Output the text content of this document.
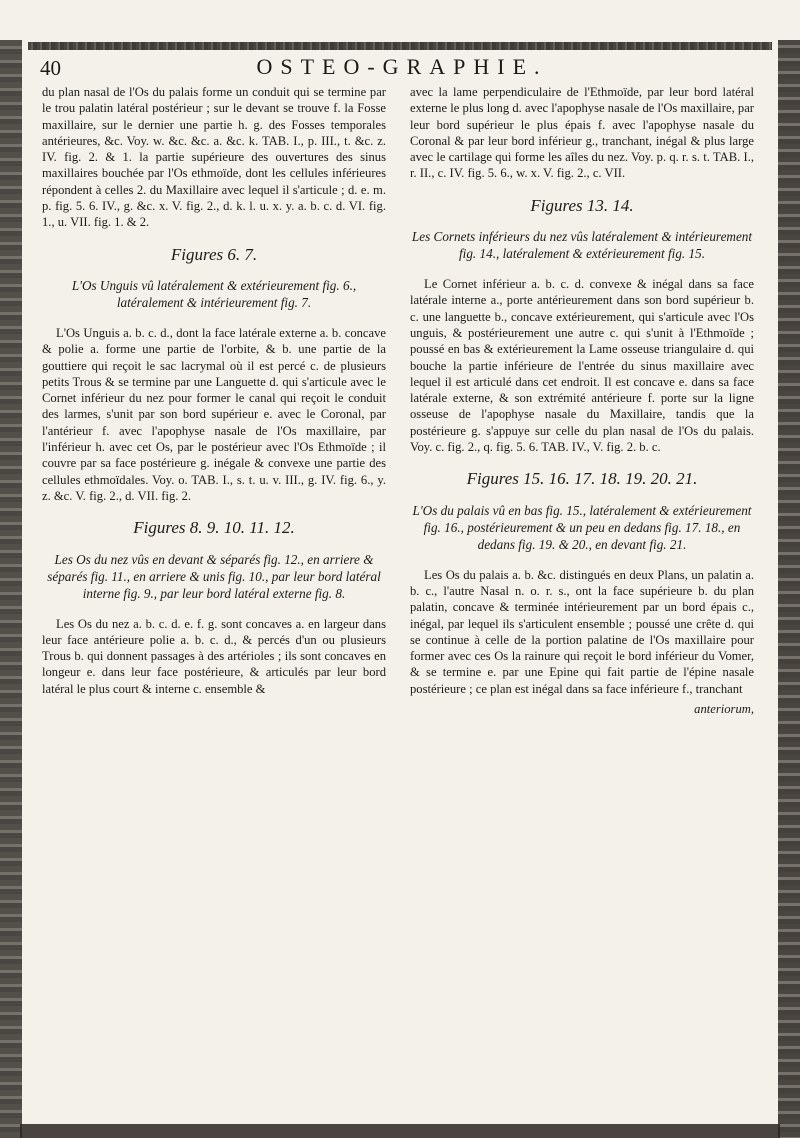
40	OSTEO-GRAPHIE.

du plan nasal de l'Os du palais forme un conduit qui se termine par le trou palatin latéral postérieur ; sur le devant se trouve f. la Fosse maxillaire, sur le dernier une partie h. g. des Fosses temporales antérieures, &c. Voy. w. &c. &c. a. &c. k. TAB. I., p. III., t. &c. z. IV. fig. 2. & 1. la partie supérieure des ouvertures des sinus maxillaires bouchée par l'Os ethmoïde, dont les cellules inférieures répondent à celles 2. du Maxillaire avec lequel il s'articule ; d. e. m. p. fig. 5. 6. IV., g. &c. x. V. fig. 2., d. k. l. u. x. y. a. b. c. d. VI. fig. 1., u. VII. fig. 1. & 2.

Figures 6. 7.
L'Os Unguis vû latéralement & extérieurement fig. 6., latéralement & intérieurement fig. 7.

L'Os Unguis a. b. c. d., dont la face latérale externe a. b. concave & polie a. forme une partie de l'orbite, & b. une partie de la gouttiere qui reçoit le sac lacrymal où il est percé c. de plusieurs petits Trous & se termine par une Languette d. qui s'articule avec le Cornet inférieur du nez pour former le canal qui reçoit le conduit des larmes, s'unit par son bord supérieur e. avec le Coronal, par l'antérieur f. avec l'apophyse nasale de l'Os maxillaire, par l'inférieur h. avec cet Os, par le postérieur avec l'Os Ethmoïde ; il couvre par sa face postérieure g. inégale & convexe une partie des cellules ethmoïdales. Voy. o. TAB. I., s. t. u. v. III., g. IV. fig. 6., y. z. &c. V. fig. 2., d. VII. fig. 2.

Figures 8. 9. 10. 11. 12.
Les Os du nez vûs en devant & séparés fig. 12., en arriere & séparés fig. 11., en arriere & unis fig. 10., par leur bord latéral interne fig. 9., par leur bord latéral externe fig. 8.

Les Os du nez a. b. c. d. e. f. g. sont concaves a. en largeur dans leur face antérieure polie a. b. c. d., & percés d'un ou plusieurs Trous b. qui donnent passages à des artérioles ; ils sont concaves en longeur e. dans leur face postérieure, & articulés par leur bord latéral le plus court & interne c. ensemble &

avec la lame perpendiculaire de l'Ethmoïde, par leur bord latéral externe le plus long d. avec l'apophyse nasale de l'Os maxillaire, par leur bord supérieur le plus épais f. avec l'apophyse nasale du Coronal & par leur bord inférieur g., tranchant, inégal & plus large avec le cartilage qui forme les aîles du nez. Voy. p. q. r. s. t. TAB. I., r. II., c. IV. fig. 5. 6., w. x. V. fig. 2., c. VII.

Figures 13. 14.
Les Cornets inférieurs du nez vûs latéralement & intérieurement fig. 14., latéralement & extérieurement fig. 15.

Le Cornet inférieur a. b. c. d. convexe & inégal dans sa face latérale interne a., porte antérieurement dans son bord supérieur b. c. une languette b., concave extérieurement, qui s'articule avec l'Os unguis, & postérieurement une autre c. qui s'unit à l'Ethmoïde ; poussé en bas & extérieurement la Lame osseuse triangulaire d. qui bouche la partie inférieure de l'entrée du sinus maxillaire avec lequel il est articulé dans cet endroit. Il est concave e. dans sa face latérale externe, & son extrémité antérieure f. porte sur la ligne osseuse de l'apophyse nasale du Maxillaire, tandis que la postérieure g. s'appuye sur celle du plan nasal de l'Os du palais. Voy. c. fig. 2., q. fig. 5. 6. TAB. IV., V. fig. 2. b. c.

Figures 15. 16. 17. 18. 19. 20. 21.
L'Os du palais vû en bas fig. 15., latéralement & extérieurement fig. 16., postérieurement & un peu en dedans fig. 17. 18., en dedans fig. 19. & 20., en devant fig. 21.

Les Os du palais a. b. &c. distingués en deux Plans, un palatin a. b. c., l'autre Nasal n. o. r. s., ont la face supérieure b. du plan palatin, concave & terminée intérieurement par un bord épais c., inégal, par lequel ils s'articulent ensemble ; poussé une crête d. qui se continue à celle de la portion palatine de l'Os maxillaire pour former avec ces Os la rainure qui reçoit le bord inférieur du Vomer, & se termine e. par une Epine qui fait partie de l'épine nasale postérieure ; ce plan est inégal dans sa face inférieure f., tranchant

anteriorum,
